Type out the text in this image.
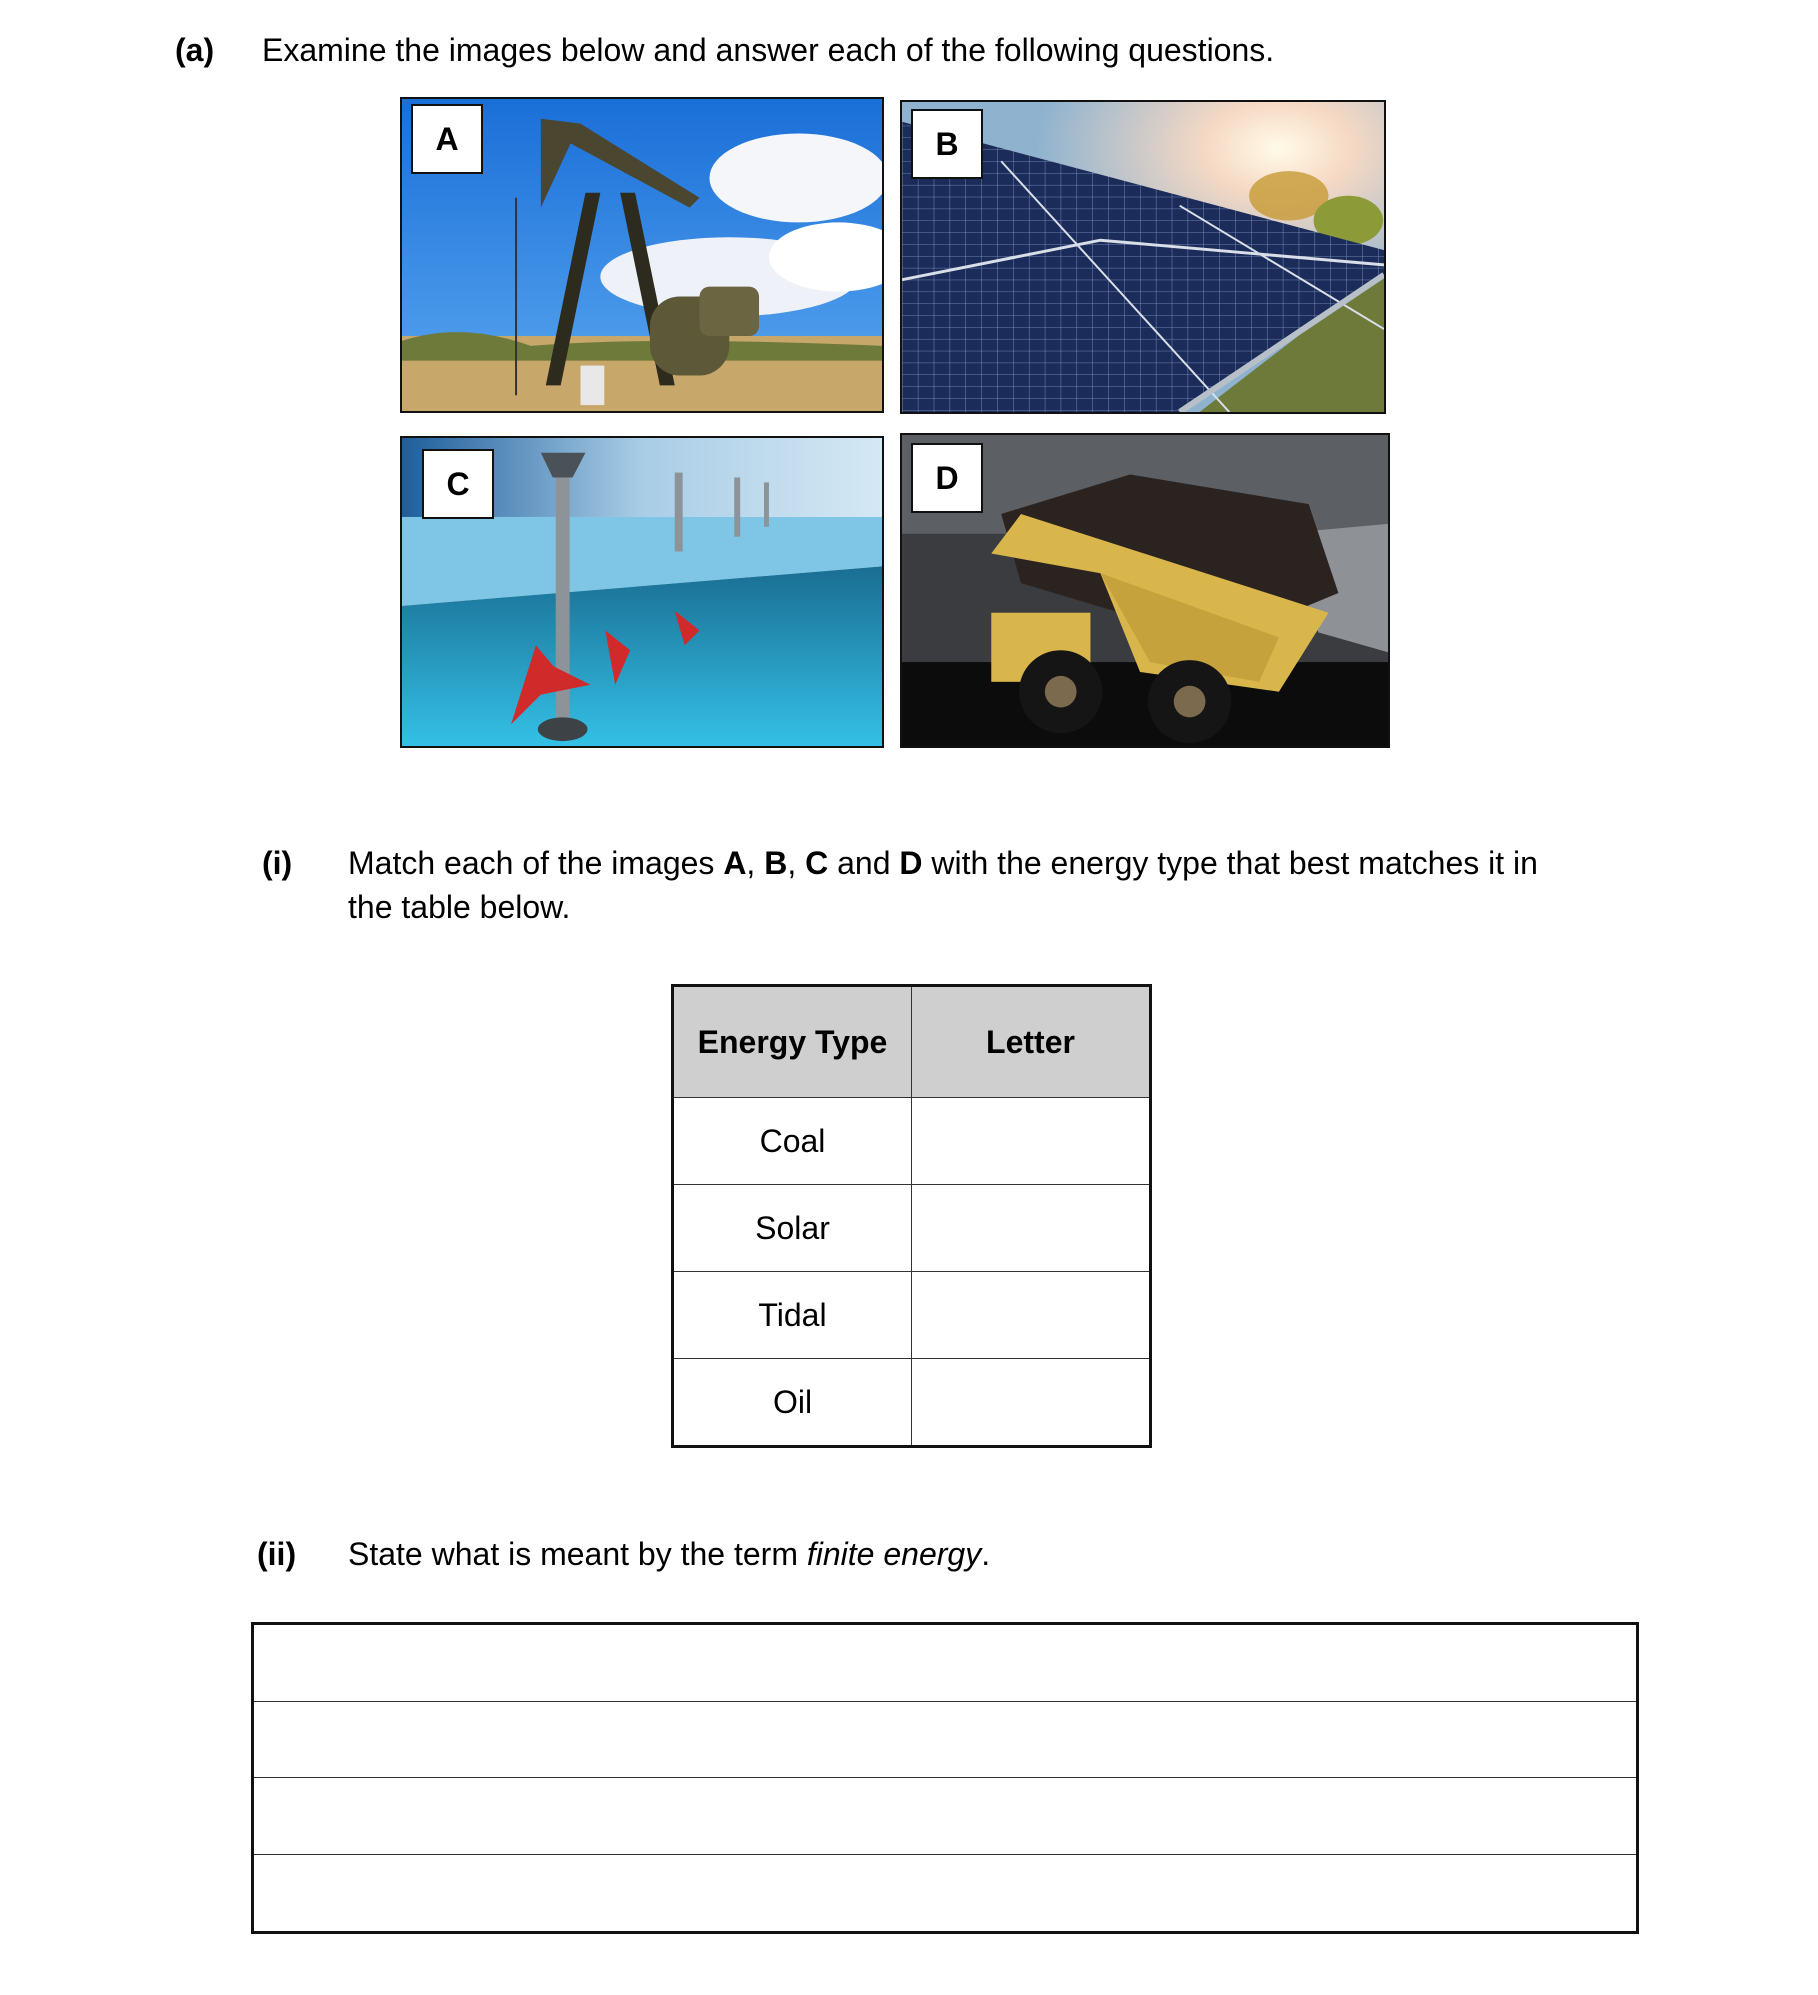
(a) Examine the images below and answer each of the following questions.
A	B
C	D
(i) Match each of the images A, B, C and D with the energy type that best matches it in
the table below.
Energy Type	Letter
Coal	
Solar	
Tidal	
Oil	
(ii) State what is meant by the term finite energy.
